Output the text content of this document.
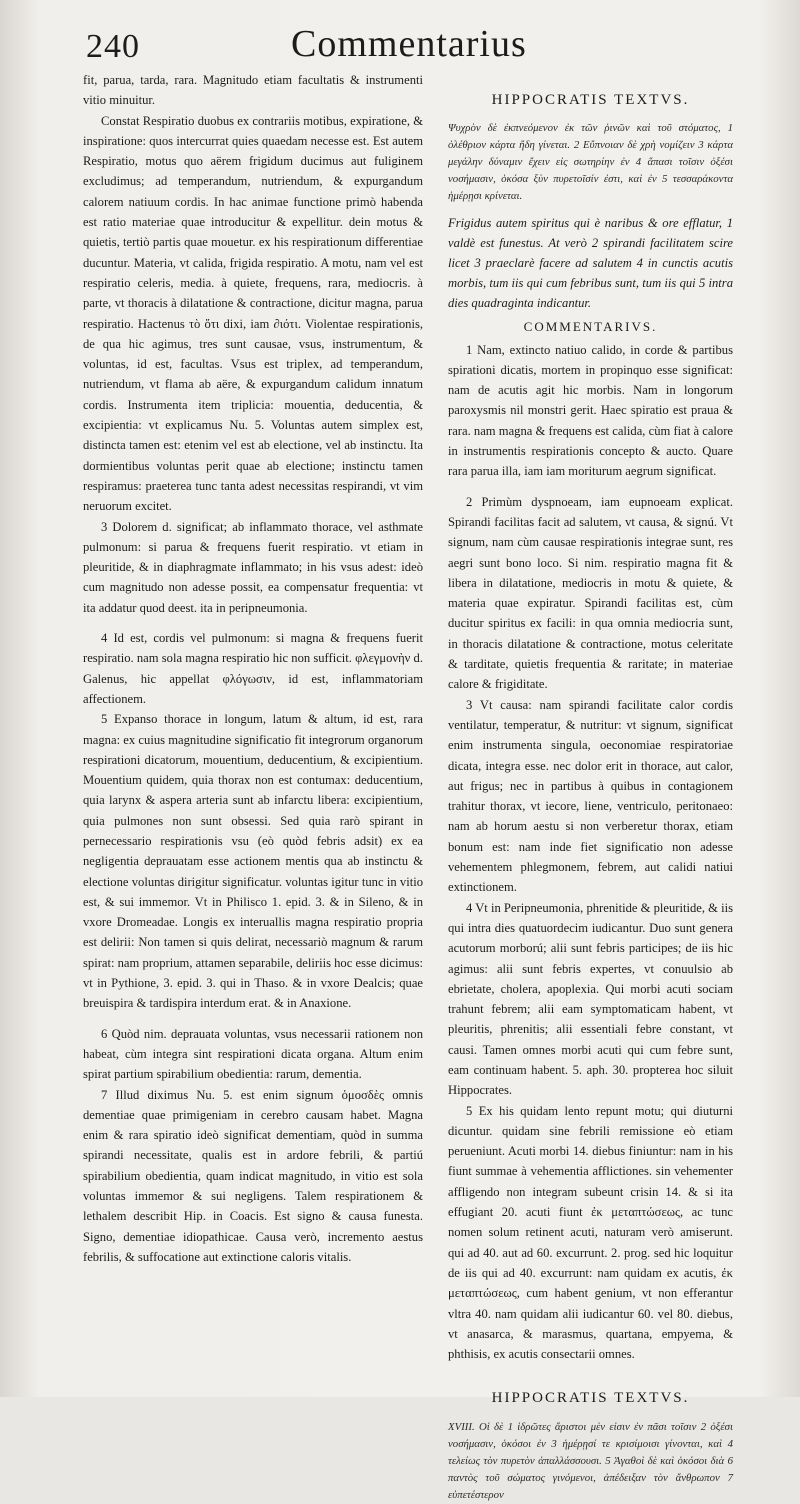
240	Commentarius

fit, parua, tarda, rara. Magnitudo etiam facultatis & instrumenti vitio minuitur.

Constat Respiratio duobus ex contrariis motibus, expiratione, & inspiratione: quos intercurrat quies quaedam necesse est. Est autem Respiratio, motus quo aërem frigidum ducimus aut fuliginem excludimus; ad temperandum, nutriendum, & expurgandum calorem natiuum cordis. In hac animae functione primò habenda est ratio materiae quae introducitur & expellitur. dein motus & quietis, tertiò partis quae mouetur. ex his respirationum differentiae ducuntur. Materia, vt calida, frigida respiratio. A motu, nam vel est respiratio celeris, media. à quiete, frequens, rara, mediocris. à parte, vt thoracis à dilatatione & contractione, dicitur magna, parua respiratio. Hactenus τὸ ὅτι dixi, iam ∂ιότι. Violentae respirationis, de qua hic agimus, tres sunt causae, vsus, instrumentum, & voluntas, id est, facultas. Vsus est triplex, ad temperandum, nutriendum, vt flama ab aëre, & expurgandum calidum innatum cordis. Instrumenta item triplicia: mouentia, deducentia, & excipientia: vt explicamus Nu. 5. Voluntas autem simplex est, distincta tamen est: etenim vel est ab electione, vel ab instinctu. Ita dormientibus voluntas perit quae ab electione; instinctu tamen respiramus: praeterea tunc tanta adest necessitas respirandi, vt vim neruorum excitet.

3 Dolorem d. significat; ab inflammato thorace, vel asthmate pulmonum: si parua & frequens fuerit respiratio. vt etiam in pleuritide, & in diaphragmate inflammato; in his vsus adest: ideò cum magnitudo non adesse possit, ea compensatur frequentia: vt ita addatur quod deest. ita in peripneumonia.

4 Id est, cordis vel pulmonum: si magna & frequens fuerit respiratio. nam sola magna respiratio hic non sufficit. φλεγμονὴν d. Galenus, hic appellat φλόγωσιν, id est, inflammatoriam affectionem.

5 Expanso thorace in longum, latum & altum, id est, rara magna: ex cuius magnitudine significatio fit integrorum organorum respirationi dicatorum, mouentium, deducentium, & excipientium. Mouentium quidem, quia thorax non est contumax: deducentium, quia larynx & aspera arteria sunt ab infarctu libera: excipientium, quia pulmones non sunt obsessi. Sed quia rarò spirant in pernecessario respirationis vsu (eò quòd febris adsit) ex ea negligentia deprauatam esse actionem mentis qua ab instinctu & electione voluntas dirigitur significatur. voluntas igitur tunc in vitio est, & sui immemor. Vt in Philisco 1. epid. 3. & in Sileno, & in vxore Dromeadae. Longis ex interuallis magna respiratio propria est delirii: Non tamen si quis delirat, necessariò magnum & rarum spirat: nam proprium, attamen separabile, deliriis hoc esse dicimus: vt in Pythione, 3. epid. 3. qui in Thaso. & in vxore Dealcis; quae breuispira & tardispira interdum erat. & in Anaxione.

6 Quòd nim. deprauata voluntas, vsus necessarii rationem non habeat, cùm integra sint respirationi dicata organa. Altum enim spirat partium spirabilium obedientia: rarum, dementia.

7 Illud diximus Nu. 5. est enim signum ὁμοσδὲς omnis dementiae quae primigeniam in cerebro causam habet. Magna enim & rara spiratio ideò significat dementiam, quòd in summa spirandi necessitate, qualis est in ardore febrili, & partiú spirabilium obedientia, quam indicat magnitudo, in vitio est sola voluntas immemor & sui negligens. Talem respirationem & lethalem describit Hip. in Coacis. Est signo & causa funesta. Signo, dementiae idiopathicae. Causa verò, incremento aestus febrilis, & suffocatione aut extinctione caloris vitalis.

HIPPOCRATIS TEXTVS.

Ψυχρὸν δὲ ἐκπνεόμενον ἐκ τῶν ῥινῶν καὶ τοῦ στόματος, 1 ὀλέθριον κάρτα ἤδη γίνεται. 2 Εὔπνοιαν δὲ χρὴ νομίζειν 3 κάρτα μεγάλην δύναμιν ἔχειν εἰς σωτηρίην ἐν 4 ἅπασι τοῖσιν ὀξέσι νοσήμασιν, ὁκόσα ξὺν πυρετοῖσίν ἐστι, καὶ ἐν 5 τεσσαράκοντα ἡμέρῃσι κρίνεται.

Frigidus autem spiritus qui è naribus & ore efflatur, 1 valdè est funestus. At verò 2 spirandi facilitatem scire licet 3 praeclarè facere ad salutem 4 in cunctis acutis morbis, tum iis qui cum febribus sunt, tum iis qui 5 intra dies quadraginta indicantur.

COMMENTARIVS.

1 Nam, extincto natiuo calido, in corde & partibus spirationi dicatis, mortem in propinquo esse significat: nam de acutis agit hic morbis. Nam in longorum paroxysmis nil monstri gerit. Haec spiratio est praua & rara. nam magna & frequens est calida, cùm fiat à calore in instrumentis respirationis concepto & aucto. Quare rara parua illa, iam iam moriturum aegrum significat.

2 Primùm dyspnoeam, iam eupnoeam explicat. Spirandi facilitas facit ad salutem, vt causa, & signú. Vt signum, nam cùm causae respirationis integrae sunt, res aegri sunt bono loco. Si nim. respiratio magna fit & libera in dilatatione, mediocris in motu & quiete, & materia quae expiratur. Spirandi facilitas est, cùm ducitur spiritus ex facili: in qua omnia mediocria sunt, in thoracis dilatatione & contractione, motus celeritate & tarditate, quietis frequentia & raritate; in materiae calore & frigiditate.

3 Vt causa: nam spirandi facilitate calor cordis ventilatur, temperatur, & nutritur: vt signum, significat enim instrumenta singula, oeconomiae respiratoriae dicata, integra esse. nec dolor erit in thorace, aut calor, aut frigus; nec in partibus à quibus in contagionem trahitur thorax, vt iecore, liene, ventriculo, peritonaeo: nam ab horum aestu si non verberetur thorax, etiam bonum est: nam inde fiet significatio non adesse vehementem phlegmonem, febrem, aut calidi natiui extinctionem.

4 Vt in Peripneumonia, phrenitide & pleuritide, & iis qui intra dies quatuordecim iudicantur. Duo sunt genera acutorum morború; alii sunt febris participes; de iis hic agimus: alii sunt febris expertes, vt conuulsio ab ebrietate, cholera, apoplexia. Qui morbi acuti sociam trahunt febrem; alii eam symptomaticam habent, vt pleuritis, phrenitis; alii essentiali febre constant, vt causi. Tamen omnes morbi acuti qui cum febre sunt, eam continuam habent. 5. aph. 30. propterea hoc siluit Hippocrates.

5 Ex his quidam lento repunt motu; qui diuturni dicuntur. quidam sine febrili remissione eò etiam perueniunt. Acuti morbi 14. diebus finiuntur: nam in his fiunt summae à vehementia afflictiones. sin vehementer affligendo non integram subeunt crisin 14. & si ita effugiant 20. acuti fiunt ἐκ μεταπτώσεως, ac tunc nomen solum retinent acuti, naturam verò amiserunt. qui ad 40. aut ad 60. excurrunt. 2. prog. sed hic loquitur de iis qui ad 40. excurrunt: nam quidam ex acutis, ἐκ μεταπτώσεως, cum habent genium, vt non efferantur vltra 40. nam quidam alii iudicantur 60. vel 80. diebus, vt anasarca, & marasmus, quartana, empyema, & phthisis, ex acutis consectarii omnes.

HIPPOCRATIS TEXTVS.

XVIII. Οἱ δὲ 1 ἱδρῶτες ἄριστοι μὲν εἰσιν ἐν πᾶσι τοῖσιν 2 ὀξέσι νοσήμασιν, ὁκόσοι ἐν 3 ἡμέρῃσί τε κρισίμοισι γίνονται, καὶ 4 τελείως τὸν πυρετὸν ἀπαλλάσσουσι. 5 Ἀγαθοὶ δὲ καὶ ὁκόσοι διὰ 6 παντὸς τοῦ σώματος γινόμενοι, ἀπέδειξαν τὸν ἄνθρωπον 7 εὐπετέστερον
